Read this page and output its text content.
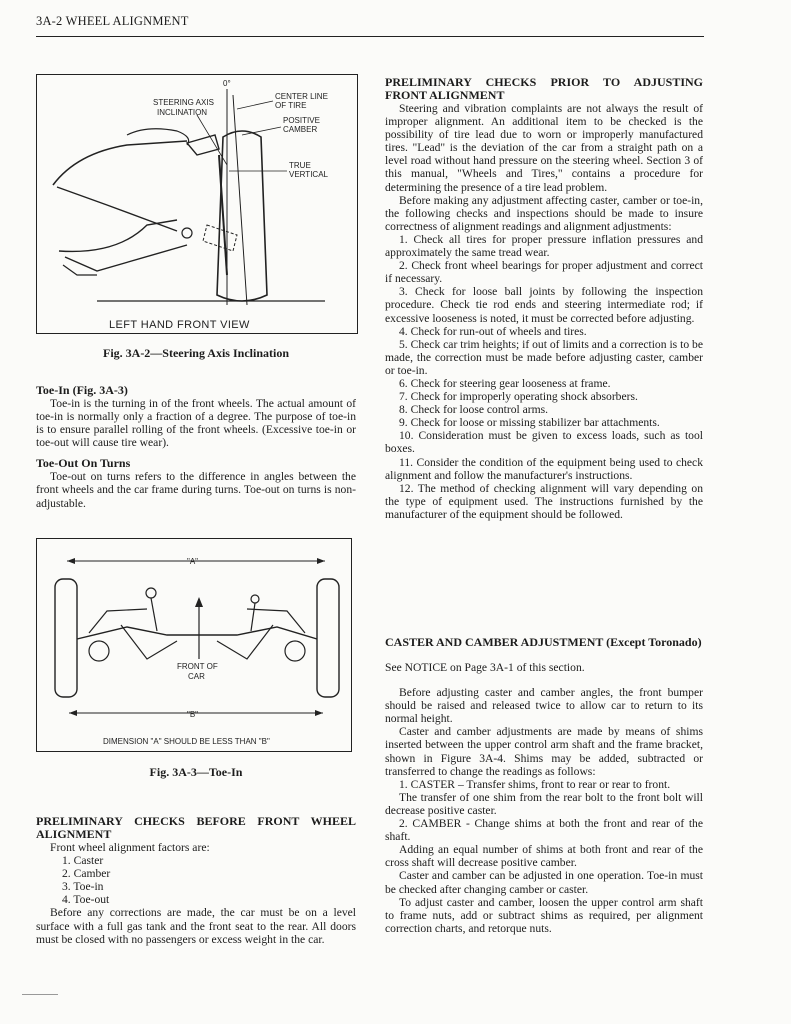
3A-2 WHEEL ALIGNMENT
0°
STEERING AXIS
INCLINATION
CENTER LINE
OF TIRE
POSITIVE
CAMBER
TRUE
VERTICAL
LEFT HAND FRONT VIEW
Fig. 3A-2—Steering Axis Inclination

Toe-In (Fig. 3A-3)

Toe-in is the turning in of the front wheels. The actual amount of toe-in is normally only a fraction of a degree. The purpose of toe-in is to ensure parallel rolling of the front wheels. (Excessive toe-in or toe-out will cause tire wear).

Toe-Out On Turns

Toe-out on turns refers to the difference in angles between the front wheels and the car frame during turns. Toe-out on turns is non-adjustable.

"A"
FRONT OF
CAR
"B"
DIMENSION "A" SHOULD BE LESS THAN "B"
Fig. 3A-3—Toe-In

PRELIMINARY CHECKS BEFORE FRONT WHEEL ALIGNMENT

Front wheel alignment factors are:

1. Caster

2. Camber

3. Toe-in

4. Toe-out

Before any corrections are made, the car must be on a level surface with a full gas tank and the front seat to the rear. All doors must be closed with no passengers or excess weight in the car.

PRELIMINARY CHECKS PRIOR TO ADJUSTING FRONT ALIGNMENT

Steering and vibration complaints are not always the result of improper alignment. An additional item to be checked is the possibility of tire lead due to worn or improperly manufactured tires. "Lead" is the deviation of the car from a straight path on a level road without hand pressure on the steering wheel. Section 3 of this manual, "Wheels and Tires," contains a procedure for determining the presence of a tire lead problem.

Before making any adjustment affecting caster, camber or toe-in, the following checks and inspections should be made to insure correctness of alignment readings and alignment adjustments:

1. Check all tires for proper pressure inflation pressures and approximately the same tread wear.

2. Check front wheel bearings for proper adjustment and correct if necessary.

3. Check for loose ball joints by following the inspection procedure. Check tie rod ends and steering intermediate rod; if excessive looseness is noted, it must be corrected before adjusting.

4. Check for run-out of wheels and tires.

5. Check car trim heights; if out of limits and a correction is to be made, the correction must be made before adjusting caster, camber or toe-in.

6. Check for steering gear looseness at frame.

7. Check for improperly operating shock absorbers.

8. Check for loose control arms.

9. Check for loose or missing stabilizer bar attachments.

10. Consideration must be given to excess loads, such as tool boxes.

11. Consider the condition of the equipment being used to check alignment and follow the manufacturer's instructions.

12. The method of checking alignment will vary depending on the type of equipment used. The instructions furnished by the manufacturer of the equipment should be followed.

CASTER AND CAMBER ADJUSTMENT (Except Toronado)

See NOTICE on Page 3A-1 of this section.

Before adjusting caster and camber angles, the front bumper should be raised and released twice to allow car to return to its normal height.

Caster and camber adjustments are made by means of shims inserted between the upper control arm shaft and the frame bracket, shown in Figure 3A-4. Shims may be added, subtracted or transferred to change the readings as follows:

1. CASTER – Transfer shims, front to rear or rear to front.

The transfer of one shim from the rear bolt to the front bolt will decrease positive caster.

2. CAMBER - Change shims at both the front and rear of the shaft.

Adding an equal number of shims at both front and rear of the cross shaft will decrease positive camber.

Caster and camber can be adjusted in one operation. Toe-in must be checked after changing camber or caster.

To adjust caster and camber, loosen the upper control arm shaft to frame nuts, add or subtract shims as required, per alignment correction charts, and retorque nuts.
